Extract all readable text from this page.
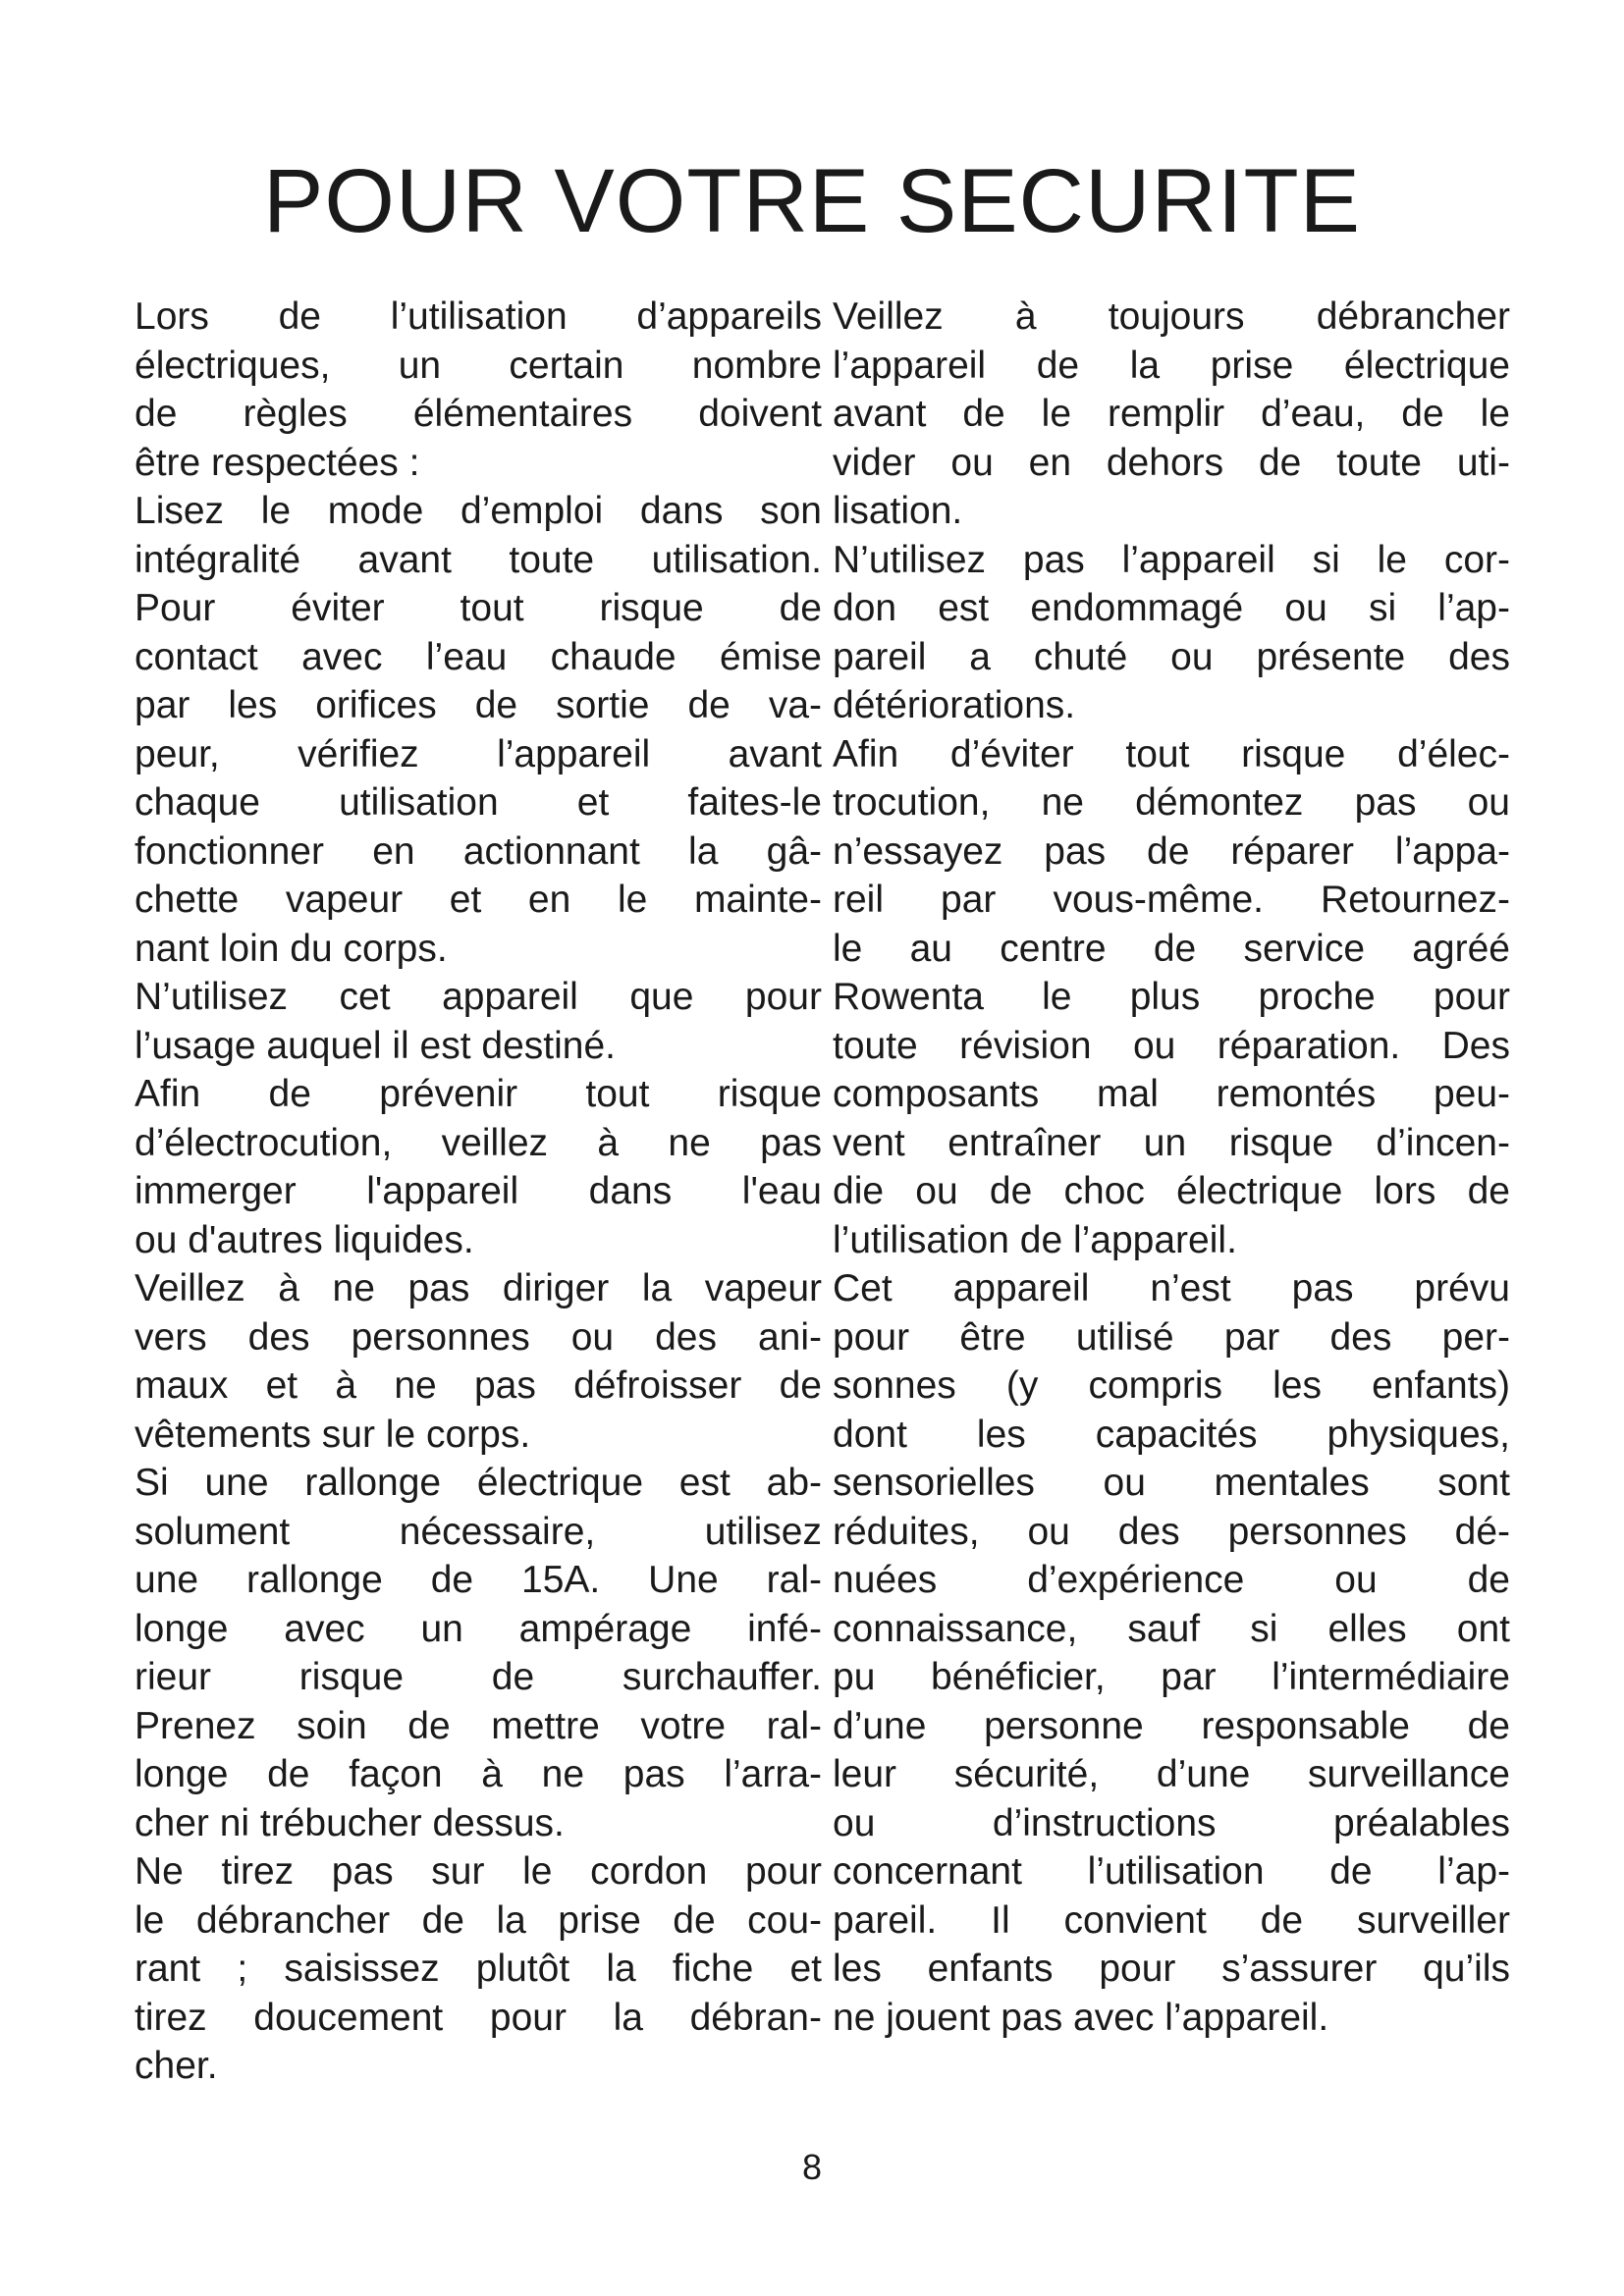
POUR VOTRE SECURITE
Lors de l’utilisation d’appareils
électriques, un certain nombre
de règles élémentaires doivent
être respectées :
Lisez le mode d’emploi dans son
intégralité avant toute utilisation.
Pour éviter tout risque de
contact avec l’eau chaude émise
par les orifices de sortie de va-
peur, vérifiez l’appareil avant
chaque utilisation et faites-le
fonctionner en actionnant la gâ-
chette vapeur et en le mainte-
nant loin du corps.
N’utilisez cet appareil que pour
l’usage auquel il est destiné.
Afin de prévenir tout risque
d’électrocution, veillez à ne pas
immerger l'appareil dans l'eau
ou d'autres liquides.
Veillez à ne pas diriger la vapeur
vers des personnes ou des ani-
maux et à ne pas défroisser de
vêtements sur le corps.
Si une rallonge électrique est ab-
solument nécessaire, utilisez
une rallonge de 15A. Une ral-
longe avec un ampérage infé-
rieur risque de surchauffer.
Prenez soin de mettre votre ral-
longe de façon à ne pas l’arra-
cher ni trébucher dessus.
Ne tirez pas sur le cordon pour
le débrancher de la prise de cou-
rant ; saisissez plutôt la fiche et
tirez doucement pour la débran-
cher.
Veillez à toujours débrancher
l’appareil de la prise électrique
avant de le remplir d’eau, de le
vider ou en dehors de toute uti-
lisation.
N’utilisez pas l’appareil si le cor-
don est endommagé ou si l’ap-
pareil a chuté ou présente des
détériorations.
Afin d’éviter tout risque d’élec-
trocution, ne démontez pas ou
n’essayez pas de réparer l’appa-
reil par vous-même. Retournez-
le au centre de service agréé
Rowenta le plus proche pour
toute révision ou réparation. Des
composants mal remontés peu-
vent entraîner un risque d’incen-
die ou de choc électrique lors de
l’utilisation de l’appareil.
Cet appareil n’est pas prévu
pour être utilisé par des per-
sonnes (y compris les enfants)
dont les capacités physiques,
sensorielles ou mentales sont
réduites, ou des personnes dé-
nuées d’expérience ou de
connaissance, sauf si elles ont
pu bénéficier, par l’intermédiaire
d’une personne responsable de
leur sécurité, d’une surveillance
ou d’instructions préalables
concernant l’utilisation de l’ap-
pareil. Il convient de surveiller
les enfants pour s’assurer qu’ils
ne jouent pas avec l’appareil.
8
